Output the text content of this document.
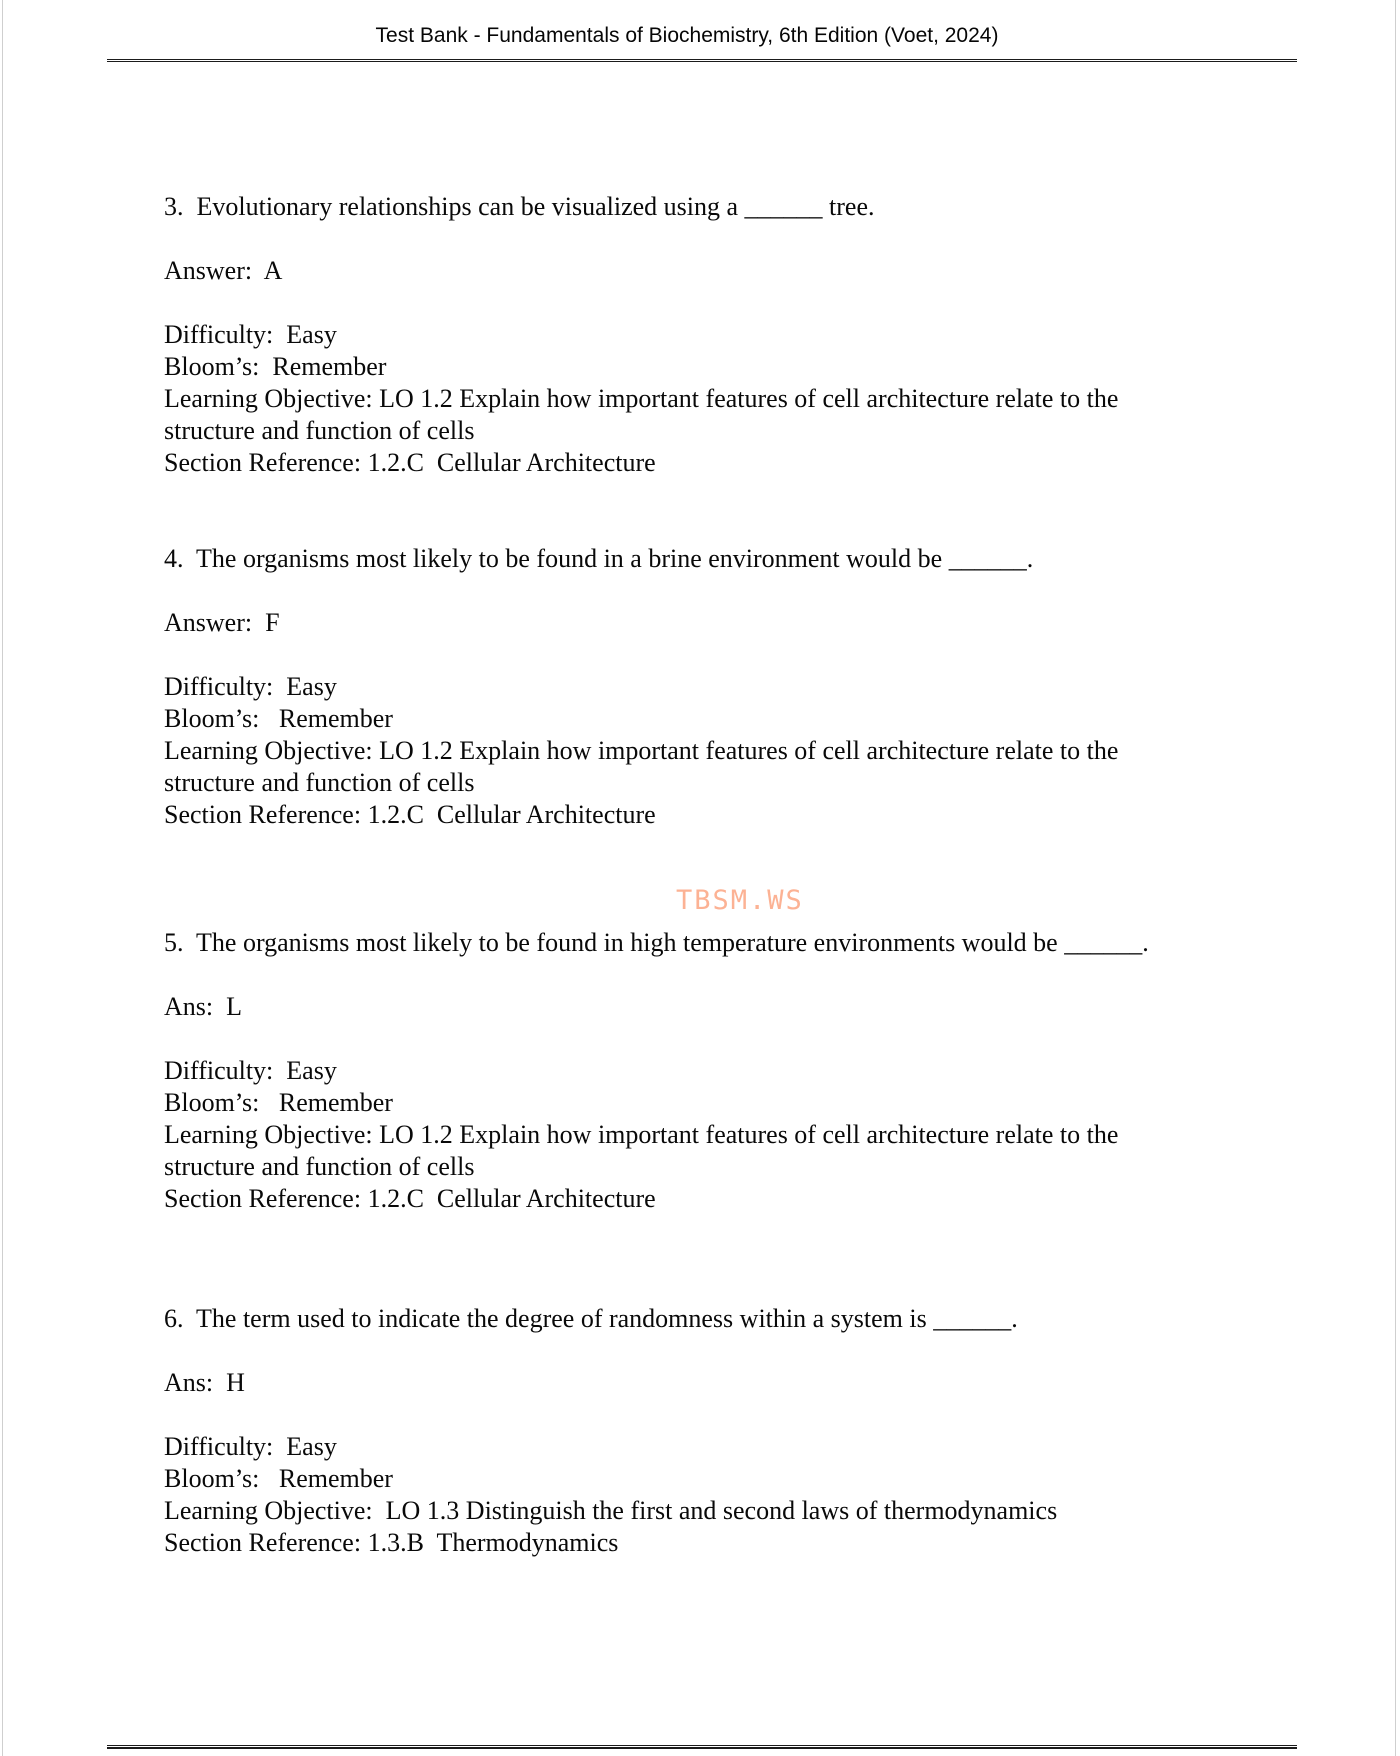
Test Bank - Fundamentals of Biochemistry, 6th Edition (Voet, 2024)
3.  Evolutionary relationships can be visualized using a ______ tree.
Answer:  A
Difficulty:  Easy
Bloom’s:  Remember
Learning Objective: LO 1.2 Explain how important features of cell architecture relate to the
structure and function of cells
Section Reference: 1.2.C  Cellular Architecture
4.  The organisms most likely to be found in a brine environment would be ______.
Answer:  F
Difficulty:  Easy
Bloom’s:   Remember
Learning Objective: LO 1.2 Explain how important features of cell architecture relate to the
structure and function of cells
Section Reference: 1.2.C  Cellular Architecture
TBSM.WS
5.  The organisms most likely to be found in high temperature environments would be ______.
Ans:  L
Difficulty:  Easy
Bloom’s:   Remember
Learning Objective: LO 1.2 Explain how important features of cell architecture relate to the
structure and function of cells
Section Reference: 1.2.C  Cellular Architecture
6.  The term used to indicate the degree of randomness within a system is ______.
Ans:  H
Difficulty:  Easy
Bloom’s:   Remember
Learning Objective:  LO 1.3 Distinguish the first and second laws of thermodynamics
Section Reference: 1.3.B  Thermodynamics
